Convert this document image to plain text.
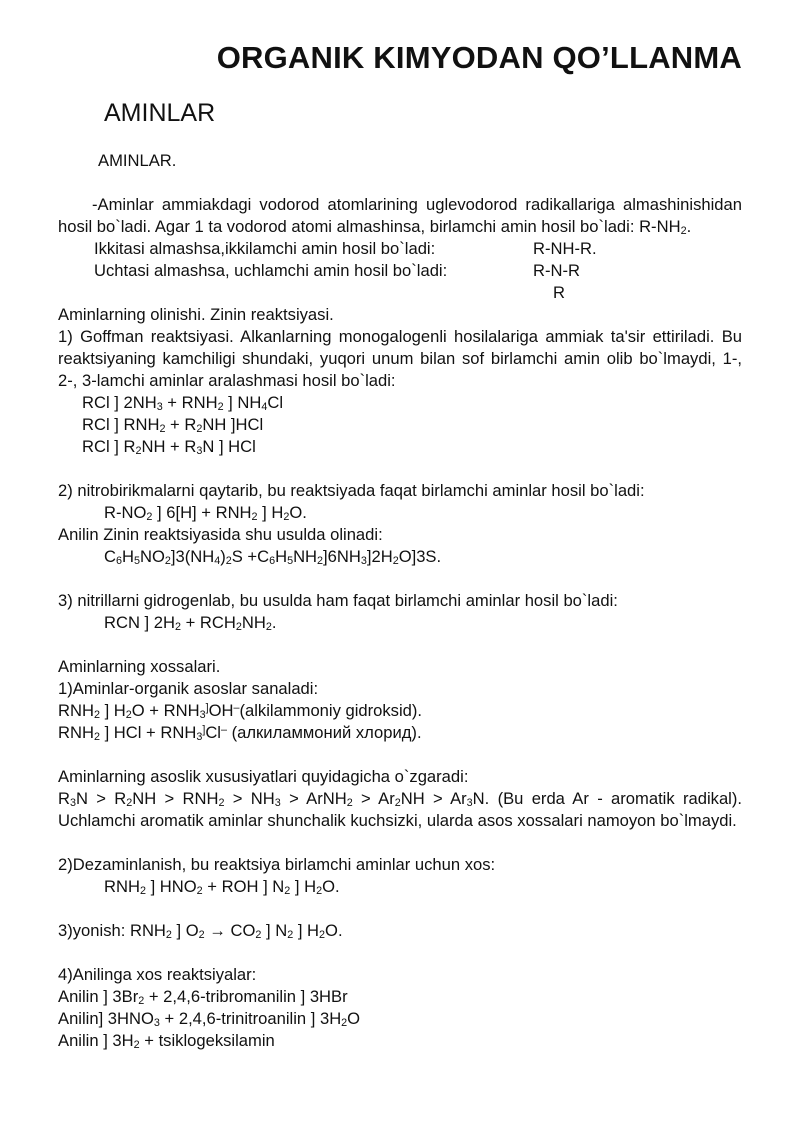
ORGANIK KIMYODAN QO’LLANMA
AMINLAR
AMINLAR.
-Aminlar ammiakdagi vodorod atomlarining uglevodorod radikallariga almashinishidan hosil bo`ladi. Agar 1 ta vodorod atomi almashinsa, birlamchi amin hosil bo`ladi: $R-NH_2$.
Ikkitasi almashsa,ikkilamchi amin hosil bo`ladi:	R-NH-R.
Uchtasi almashsa, uchlamchi amin hosil bo`ladi:	R-N-R
R
Aminlarning olinishi. Zinin reaktsiyasi.
1) Goffman reaktsiyasi. Alkanlarning monogalogenli hosilalariga ammiak ta'sir ettiriladi. Bu reaktsiyaning kamchiligi shundaki, yuqori unum bilan sof birlamchi amin olib bo`lmaydi, 1-, 2-, 3-lamchi aminlar aralashmasi hosil bo`ladi:
RCl ] $2NH_3 + RNH_2$ ] $NH_4Cl$
RCl ] $RNH_2 + R_2NH$ ]HCl
RCl ] $R_2NH + R_3N$ ] HCl
2) nitrobirikmalarni qaytarib, bu reaktsiyada faqat birlamchi aminlar hosil bo`ladi:
$R-NO_2$ ] $6[H] + RNH_2$ ] $H_2O$.
Anilin Zinin reaktsiyasida shu usulda olinadi:
$C_6H_5NO_2]3(NH_4)_2S +C_6H_5NH_2]6NH_3]2H_2O]3S$.
3) nitrillarni gidrogenlab, bu usulda ham faqat birlamchi aminlar hosil bo`ladi:
RCN ] $2H_2 + RCH_2NH_2$.
Aminlarning xossalari.
1)Aminlar-organik asoslar sanaladi:
$RNH_2$ ] $H_2O$ + $RNH_3^]OH^-(alkilammoniy$ gidroksid).
$RNH_2$ ] HCl + $RNH_3^]Cl^-$ (алкиламмоний хлорид).
Aminlarning asoslik xususiyatlari quyidagicha o`zgaradi:
$R_3N > R_2NH > RNH_2 > NH_3$ > ArNH$_2$ > $Ar_2NH > Ar_3N$. (Bu erda Ar - aromatik radikal). Uchlamchi aromatik aminlar shunchalik kuchsizki, ularda asos xossalari namoyon bo`lmaydi.
2)Dezaminlanish, bu reaktsiya birlamchi aminlar uchun xos:
$RNH_2$ ] $HNO_2$ + ROH ] $N_2$ ] $H_2O$.
3)yonish: $RNH_2$ ] $O_2 \to CO_2$ ] $N_2$ ] $H_2O$.
4)Anilinga xos reaktsiyalar:
Anilin ] $3Br_2$ + 2,4,6-tribromanilin ] 3HBr
Anilin] $3HNO_3$ + 2,4,6-trinitroanilin ] $3H_2O$
Anilin ] $3H_2$ + tsiklogeksilamin
